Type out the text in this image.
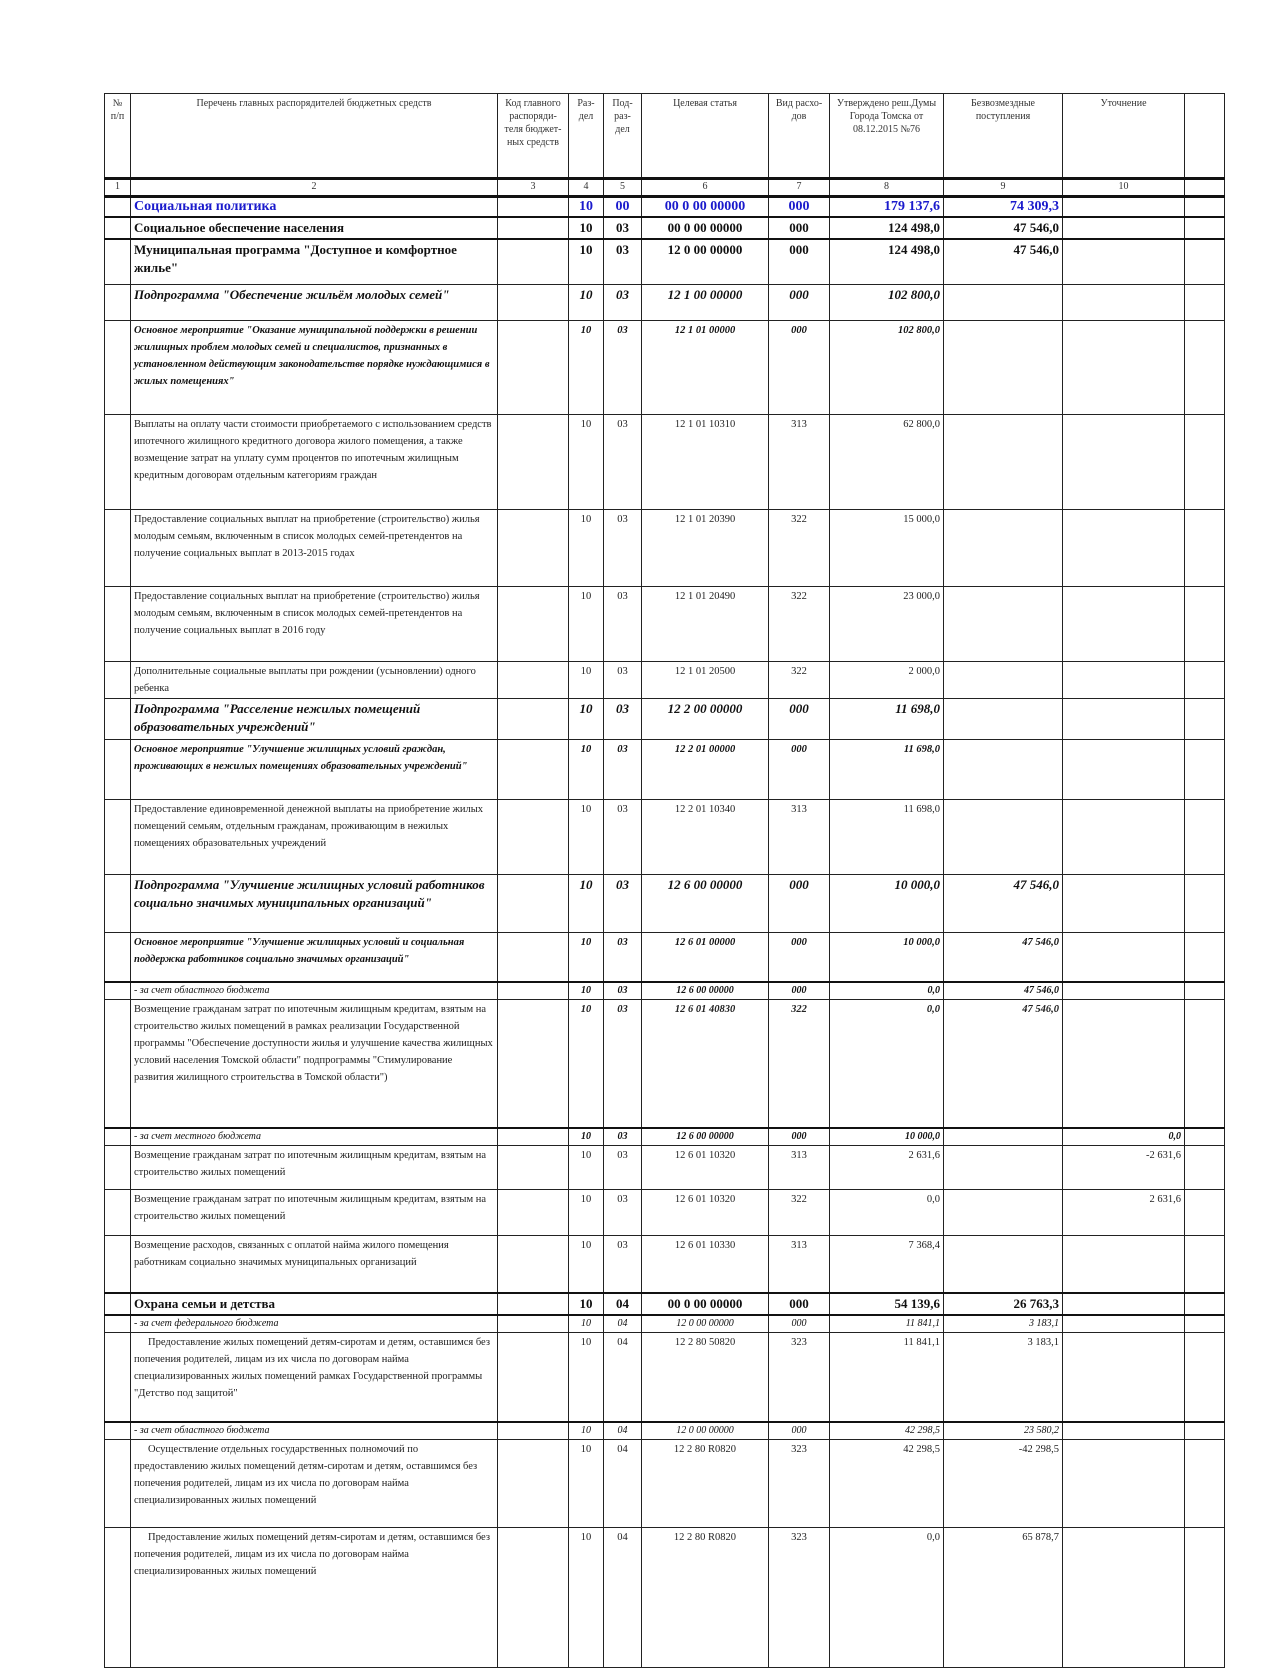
№ п/п	Перечень главных распорядителей бюджетных средств	Код главного распоряди-теля бюджет-ных средств	Раз-дел	Под-раз-дел	Целевая статья	Вид расхо-дов	Утверждено реш.Думы Города Томска от 08.12.2015 №76	Безвозмездные поступления	Уточнение	
1	2	3	4	5	6	7	8	9	10	
	Социальная политика		10	00	00 0 00 00000	000	179 137,6	74 309,3		
	Социальное обеспечение населения		10	03	00 0 00 00000	000	124 498,0	47 546,0		
	Муниципальная программа "Доступное и комфортное жилье"		10	03	12 0 00 00000	000	124 498,0	47 546,0		
	Подпрограмма "Обеспечение жильём молодых семей"		10	03	12 1 00 00000	000	102 800,0			
	Основное мероприятие "Оказание муниципальной поддержки в решении жилищных проблем молодых семей и специалистов, признанных в установленном действующим законодательстве порядке нуждающимися в жилых помещениях"		10	03	12 1 01 00000	000	102 800,0			
	Выплаты на оплату части стоимости приобретаемого с использованием средств ипотечного жилищного кредитного договора жилого помещения, а также возмещение затрат на уплату сумм процентов по ипотечным жилищным кредитным договорам отдельным категориям граждан		10	03	12 1 01 10310	313	62 800,0			
	Предоставление социальных выплат на приобретение (строительство) жилья молодым семьям, включенным в список молодых семей-претендентов на получение социальных выплат в 2013-2015 годах		10	03	12 1 01 20390	322	15 000,0			
	Предоставление социальных выплат на приобретение (строительство) жилья молодым семьям, включенным в список молодых семей-претендентов на получение социальных выплат в 2016 году		10	03	12 1 01 20490	322	23 000,0			
	Дополнительные социальные выплаты при рождении (усыновлении) одного ребенка		10	03	12 1 01 20500	322	2 000,0			
	Подпрограмма "Расселение нежилых помещений образовательных учреждений"		10	03	12 2 00 00000	000	11 698,0			
	Основное мероприятие "Улучшение жилищных условий граждан, проживающих в нежилых помещениях образовательных учреждений"		10	03	12 2 01 00000	000	11 698,0			
	Предоставление единовременной денежной выплаты на приобретение жилых помещений семьям, отдельным гражданам, проживающим в нежилых помещениях образовательных учреждений		10	03	12 2 01 10340	313	11 698,0			
	Подпрограмма "Улучшение жилищных условий работников социально значимых муниципальных организаций"		10	03	12 6 00 00000	000	10 000,0	47 546,0		
	Основное мероприятие "Улучшение жилищных условий и социальная поддержка работников социально значимых организаций"		10	03	12 6 01 00000	000	10 000,0	47 546,0		
	- за счет областного бюджета		10	03	12 6 00 00000	000	0,0	47 546,0		
	Возмещение гражданам затрат по ипотечным жилищным кредитам, взятым на строительство жилых помещений в рамках реализации Государственной программы "Обеспечение доступности жилья и улучшение качества жилищных условий населения Томской области" подпрограммы "Стимулирование развития жилищного строительства в Томской области")		10	03	12 6 01 40830	322	0,0	47 546,0		
	- за счет местного бюджета		10	03	12 6 00 00000	000	10 000,0		0,0	
	Возмещение гражданам затрат по ипотечным жилищным кредитам, взятым на строительство жилых помещений		10	03	12 6 01 10320	313	2 631,6		-2 631,6	
	Возмещение гражданам затрат по ипотечным жилищным кредитам, взятым на строительство жилых помещений		10	03	12 6 01 10320	322	0,0		2 631,6	
	Возмещение расходов, связанных с оплатой найма жилого помещения работникам социально значимых муниципальных организаций		10	03	12 6 01 10330	313	7 368,4			
	Охрана семьи и детства		10	04	00 0 00 00000	000	54 139,6	26 763,3		
	- за счет федерального бюджета		10	04	12 0 00 00000	000	11 841,1	3 183,1		
	Предоставление жилых помещений детям-сиротам и детям, оставшимся без попечения родителей, лицам из их числа по договорам найма специализированных жилых помещений рамках Государственной программы "Детство под защитой"		10	04	12 2 80 50820	323	11 841,1	3 183,1		
	- за счет областного бюджета		10	04	12 0 00 00000	000	42 298,5	23 580,2		
	Осуществление отдельных государственных полномочий по предоставлению жилых помещений детям-сиротам и детям, оставшимся без попечения родителей, лицам из их числа по договорам найма специализированных жилых помещений		10	04	12 2 80 R0820	323	42 298,5	-42 298,5		
	Предоставление жилых помещений детям-сиротам и детям, оставшимся без попечения родителей, лицам из их числа по договорам найма специализированных жилых помещений		10	04	12 2 80 R0820	323	0,0	65 878,7		
